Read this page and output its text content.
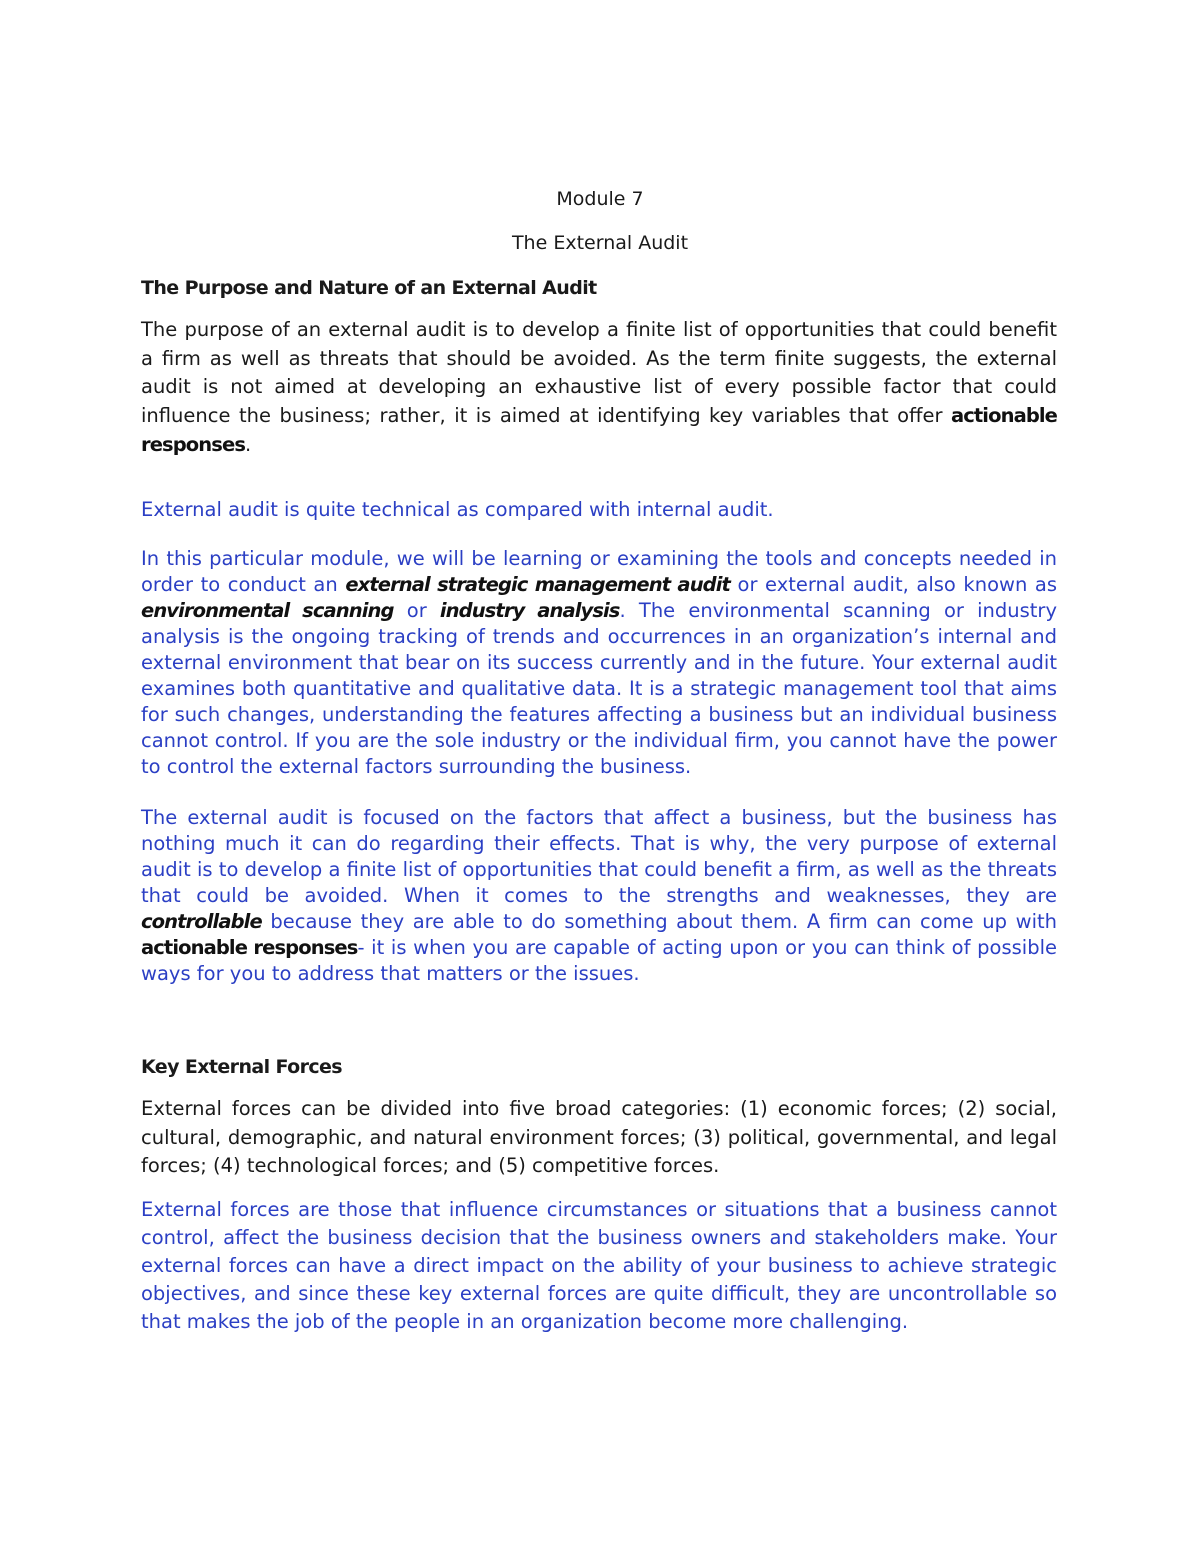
Module 7

The External Audit

The Purpose and Nature of an External Audit

The purpose of an external audit is to develop a finite list of opportunities that could benefit a firm as well as threats that should be avoided. As the term finite suggests, the external audit is not aimed at developing an exhaustive list of every possible factor that could influence the business; rather, it is aimed at identifying key variables that offer actionable responses.

External audit is quite technical as compared with internal audit.

In this particular module, we will be learning or examining the tools and concepts needed in order to conduct an external strategic management audit or external audit, also known as environmental scanning or industry analysis. The environmental scanning or industry analysis is the ongoing tracking of trends and occurrences in an organization’s internal and external environment that bear on its success currently and in the future. Your external audit examines both quantitative and qualitative data. It is a strategic management tool that aims for such changes, understanding the features affecting a business but an individual business cannot control. If you are the sole industry or the individual firm, you cannot have the power to control the external factors surrounding the business.

The external audit is focused on the factors that affect a business, but the business has nothing much it can do regarding their effects. That is why, the very purpose of external audit is to develop a finite list of opportunities that could benefit a firm, as well as the threats that could be avoided. When it comes to the strengths and weaknesses, they are controllable because they are able to do something about them. A firm can come up with actionable responses- it is when you are capable of acting upon or you can think of possible ways for you to address that matters or the issues.

Key External Forces

External forces can be divided into five broad categories: (1) economic forces; (2) social, cultural, demographic, and natural environment forces; (3) political, governmental, and legal forces; (4) technological forces; and (5) competitive forces.

External forces are those that influence circumstances or situations that a business cannot control, affect the business decision that the business owners and stakeholders make. Your external forces can have a direct impact on the ability of your business to achieve strategic objectives, and since these key external forces are quite difficult, they are uncontrollable so that makes the job of the people in an organization become more challenging.
